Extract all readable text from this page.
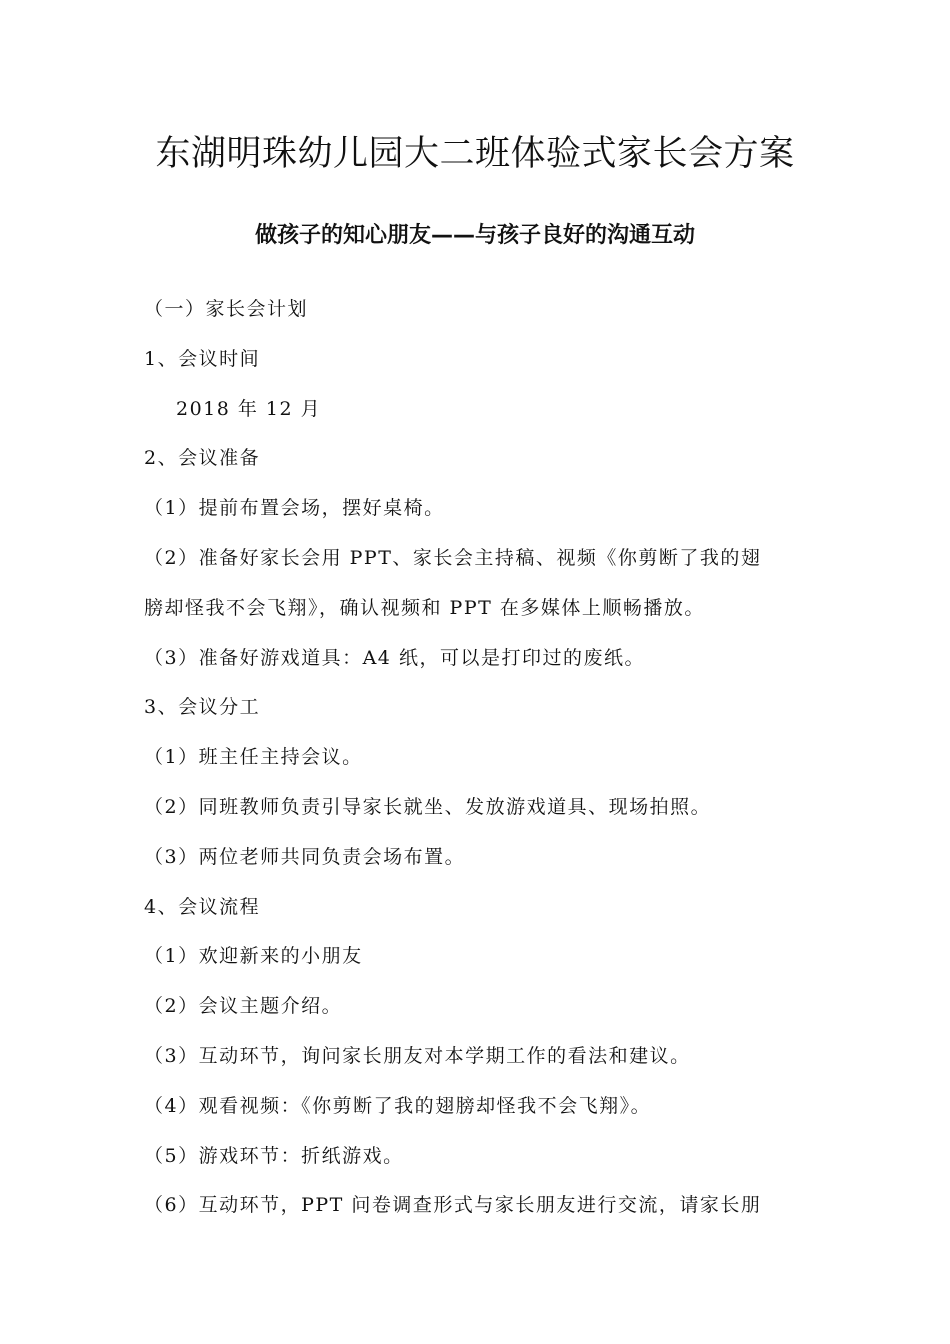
东湖明珠幼儿园大二班体验式家长会方案
做孩子的知心朋友——与孩子良好的沟通互动
（一）家长会计划
1、会议时间
2018 年 12 月
2、会议准备
（1）提前布置会场，摆好桌椅。
（2）准备好家长会用 PPT、家长会主持稿、视频《你剪断了我的翅
膀却怪我不会飞翔》，确认视频和 PPT 在多媒体上顺畅播放。
（3）准备好游戏道具：A4 纸，可以是打印过的废纸。
3、会议分工
（1）班主任主持会议。
（2）同班教师负责引导家长就坐、发放游戏道具、现场拍照。
（3）两位老师共同负责会场布置。
4、会议流程
（1）欢迎新来的小朋友
（2）会议主题介绍。
（3）互动环节，询问家长朋友对本学期工作的看法和建议。
（4）观看视频：《你剪断了我的翅膀却怪我不会飞翔》。
（5）游戏环节：折纸游戏。
（6）互动环节，PPT 问卷调查形式与家长朋友进行交流，请家长朋
